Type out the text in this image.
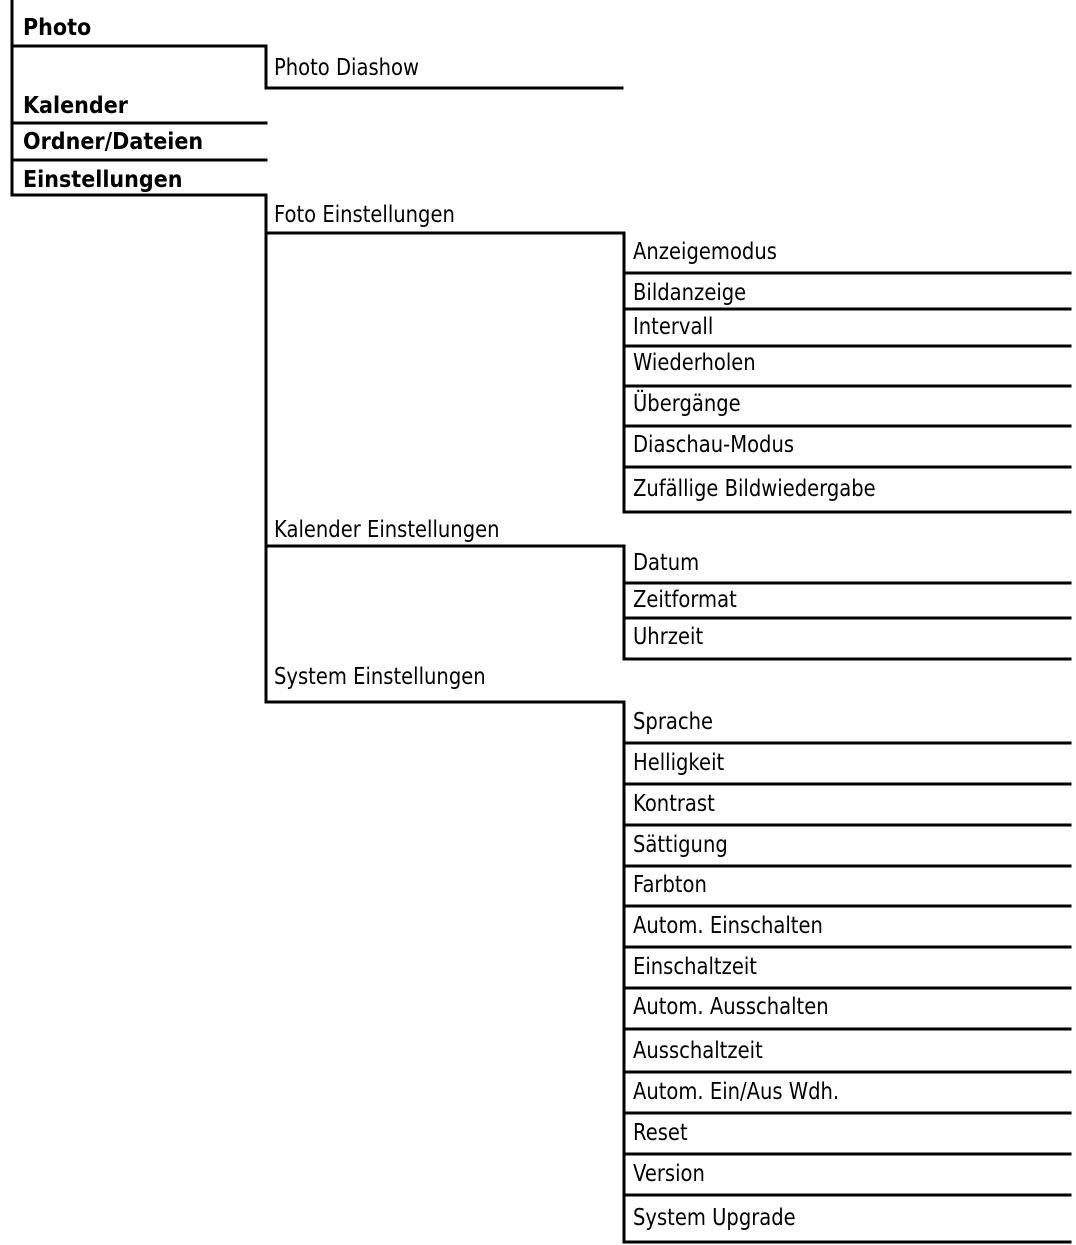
Photo
Kalender
Ordner/Dateien
Einstellungen
Photo Diashow
Foto Einstellungen
Kalender Einstellungen
System Einstellungen
Anzeigemodus
Bildanzeige
Intervall
Wiederholen
Übergänge
Diaschau-Modus
Zufällige Bildwiedergabe
Datum
Zeitformat
Uhrzeit
Sprache
Helligkeit
Kontrast
Sättigung
Farbton
Autom. Einschalten
Einschaltzeit
Autom. Ausschalten
Ausschaltzeit
Autom. Ein/Aus Wdh.
Reset
Version
System Upgrade
